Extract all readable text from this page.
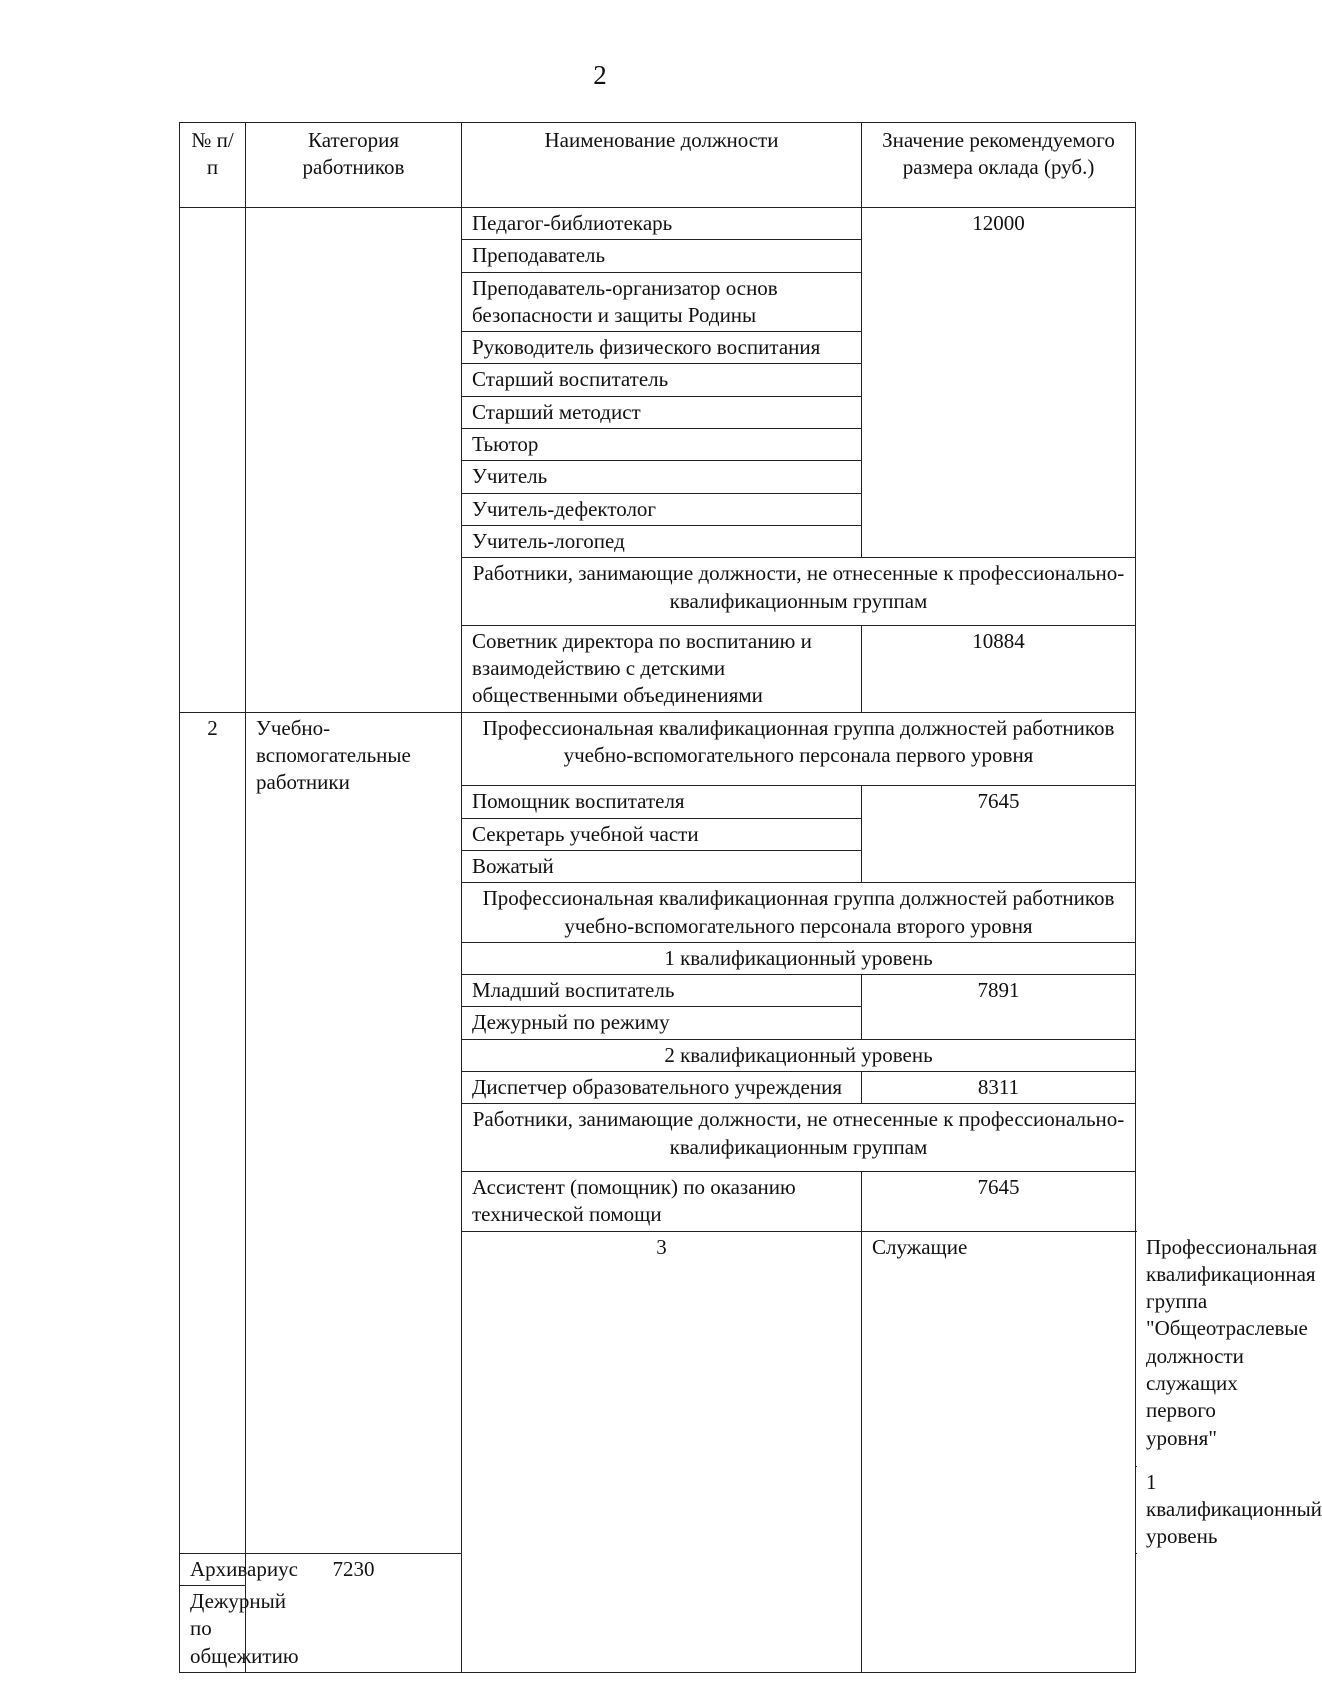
2
№ п/п	Категория работников	Наименование должности	Значение рекомендуемого размера оклада (руб.)	
		Педагог-библиотекарь	12000	
		Преподаватель		
		Преподаватель-организатор основ безопасности и защиты Родины		
		Руководитель физического воспитания		
		Старший воспитатель		
		Старший методист		
		Тьютор		
		Учитель		
		Учитель-дефектолог		
		Учитель-логопед		
		Работники, занимающие должности, не отнесенные к профессионально-квалификационным группам		
		Советник директора по воспитанию и взаимодействию с детскими общественными объединениями	10884	
2	Учебно-вспомогательные работники	Профессиональная квалификационная группа должностей работников учебно-вспомогательного персонала первого уровня		
		Помощник воспитателя	7645	
		Секретарь учебной части		
		Вожатый		
		Профессиональная квалификационная группа должностей работников учебно-вспомогательного персонала второго уровня		
		1 квалификационный уровень		
		Младший воспитатель	7891	
		Дежурный по режиму		
		2 квалификационный уровень		
		Диспетчер образовательного учреждения	8311	
		Работники, занимающие должности, не отнесенные к профессионально-квалификационным группам		
		Ассистент (помощник) по оказанию технической помощи	7645	
		3	Служащие	Профессиональная квалификационная группа "Общеотраслевые должности служащих первого уровня"
				1 квалификационный уровень
Архивариус	7230			
Дежурный по общежитию				
